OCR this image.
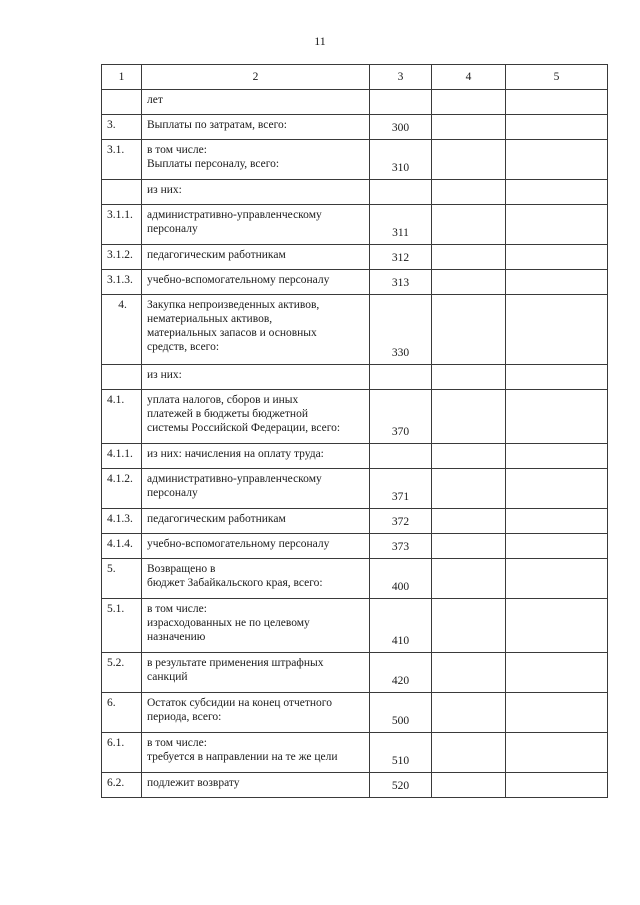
11
1	2	3	4	5
	лет			
3.	Выплаты по затратам, всего:	300		
3.1.	в том числе:
Выплаты персоналу, всего:	310		
	из них:			
3.1.1.	административно-управленческому
персоналу	311		
3.1.2.	педагогическим работникам	312		
3.1.3.	учебно-вспомогательному персоналу	313		
4.	Закупка непроизведенных активов,
нематериальных активов,
материальных запасов и основных
средств, всего:	330		
	из них:			
4.1.	уплата налогов, сборов и иных
платежей в бюджеты бюджетной
системы Российской Федерации, всего:	370		
4.1.1.	из них: начисления на оплату труда:			
4.1.2.	административно-управленческому
персоналу	371		
4.1.3.	педагогическим работникам	372		
4.1.4.	учебно-вспомогательному персоналу	373		
5.	Возвращено в
бюджет Забайкальского края, всего:	400		
5.1.	в том числе:
израсходованных не по целевому
назначению	410		
5.2.	в результате применения штрафных
санкций	420		
6.	Остаток субсидии на конец отчетного
периода, всего:	500		
6.1.	в том числе:
требуется в направлении на те же цели	510		
6.2.	подлежит возврату	520		
